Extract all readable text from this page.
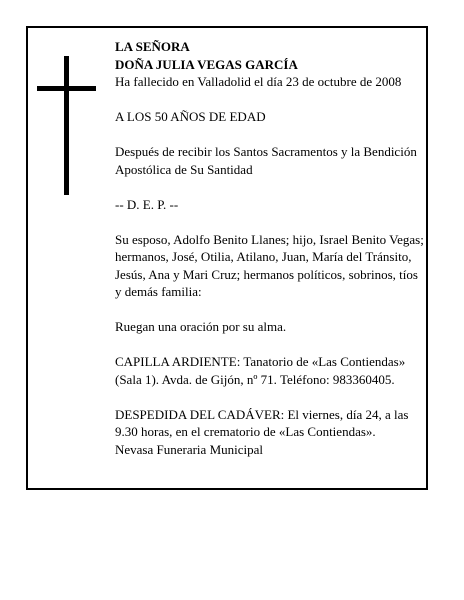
LA SEÑORA

DOÑA JULIA VEGAS GARCÍA

Ha fallecido en Valladolid el día 23 de octubre de 2008

A LOS 50 AÑOS DE EDAD

Después de recibir los Santos Sacramentos y la Bendición Apostólica de Su Santidad

-- D. E. P. --

Su esposo, Adolfo Benito Llanes; hijo, Israel Benito Vegas; hermanos, José, Otilia, Atilano, Juan, María del Tránsito, Jesús, Ana y Mari Cruz; hermanos políticos, sobrinos, tíos y demás familia:

Ruegan una oración por su alma.

CAPILLA ARDIENTE: Tanatorio de «Las Contiendas» (Sala 1). Avda. de Gijón, nº 71. Teléfono: 983360405.

DESPEDIDA DEL CADÁVER: El viernes, día 24, a las 9.30 horas, en el crematorio de «Las Contiendas».

Nevasa Funeraria Municipal
